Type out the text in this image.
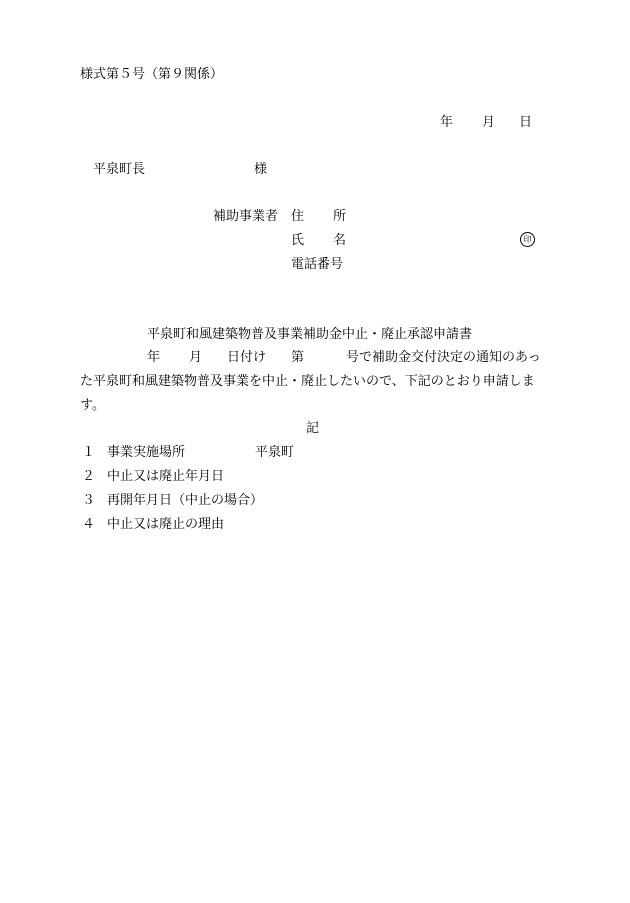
様式第５号（第９関係）
年 月 日
平泉町長	様
補助事業者 住 所
氏 名	印
電話番号
平泉町和風建築物普及事業補助金中止・廃止承認申請書
年 月 日付け 第	号で補助金交付決定の通知のあっ
た平泉町和風建築物普及事業を中止・廃止したいので、下記のとおり申請しま
す。
記
１ 事業実施場所	平泉町
２ 中止又は廃止年月日
３ 再開年月日（中止の場合）
４ 中止又は廃止の理由
